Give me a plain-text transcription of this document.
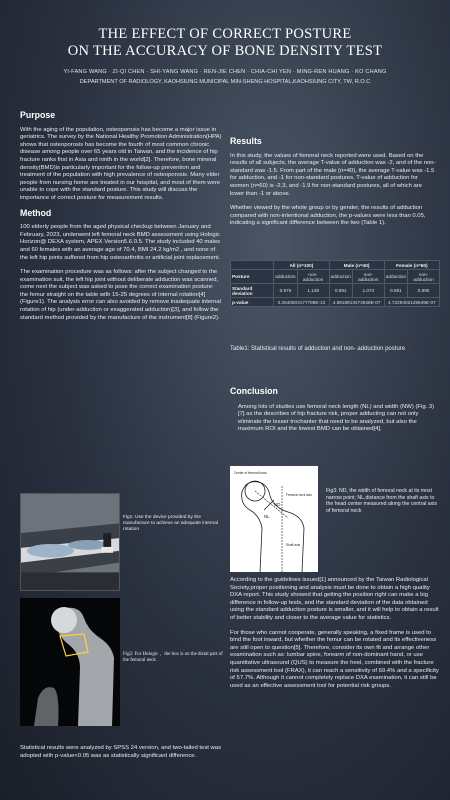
THE EFFECT OF CORRECT POSTURE
ON THE ACCURACY OF BONE DENSITY TEST
YI-FANG WANG · ZI-QI CHEN · SHI-YANG WANG · REN-JIE CHEN · CHIA-CHI YEN · MING-REN HUANG · KO CHANG
DEPARTMENT OF RADIOLOGY, KAOHSIUNG MUNICIPAL MIN-SHENG HOSPITAL,KAOHSIUNG CITY, TW, R.O.C
Purpose

With the aging of the population, osteoporosis has become a major issue in geriatrics. The survey by the National Healthy Promotion Administration(HPA) shows that osteoporosis has become the fourth of most common chronic disease among people over 65 years old in Taiwan, and the incidence of hip fracture ranks first in Asia and ninth in the world[2]. Therefore, bone mineral density(BMD)is particularly important for the follow-up prevention and treatment of the population with high prevalence of osteoporosis. Many elder people from nursing home are treated in our hospital, and most of them were unable to cope with the standard posture. This study will discuss the importance of correct posture for measurement results.

Method

100 elderly people from the aged physical checkup between January and February, 2023, underwent left femoral neck BMD assessment using Hologic Horizon@ DEXA system, APEX Version5.6.0.5. The study included 40 males and 60 females with an average age of 70.4, BMI 24.2 kg/m2 , and none of the left hip joints suffered from hip osteoarthritis or artificial joint replacement.

The examination procedure was as follows: after the subject changed to the examination suit, the left hip joint without deliberate adduction was scanned, come next the subject was asked to pose the correct examination posture: the femur straight on the table with 15-25 degrees of internal rotation[4] (Figure1). The analysis error can also avoided by remove inadequate internal rotation of hip (under-adduction or exaggerated adduction)[3], and follow the standard method provided by the manufacture of the instrument[8] (Figure2).

Fig1: Use the device provided by the manufacture to achieve an adequate internal rotation
Fig2: For Hologic ，the box is on the distal part of the femoral neck
Statistical results were analyzed by SPSS 24 version, and two-tailed test was adopted with p-value<0.05 was as statistically significant difference.
Results

In this study, the values of femoral neck reported were used. Based on the results of all subjects, the average T-value of adduction was -2, and of the non-standard was -1.5. From part of the male (n=40), the average T-value was -1.5 for adduction, and -1 for non-standard postures. T-value of adduction for women (n=60) is -2.3, and -1.9 for non-standard postures, all of which are lower than -1 or above.

Whether viewed by the whole group or by gender, the results of adduction compared with non-intentional adduction, the p-values were less than 0.05, indicating a significant difference between the two (Table 1).

	All (n=100)		Male (n=40)		Female (n=60)	
Posture	adduction	non-adduction	adduction	non-adduction	adduction	non-adduction
Standard deviation	0.976	1.128	0.891	1.074	0.851	0.890
p-value	3.2540503177788E-13		4.8818813473948E-07		4.7229402129649E-07	
Table1: Statistical results of adduction and non- adduction posture
Conclusion

Among lots of studies use femoral neck length (NL) and width (NW) (Fig. 3) [7] as the describes of hip fracture risk, proper adducting can not only eliminate the lesser trochanter that need to be analyzed, but also the maximum ROI and the lowest BMD can be obtained[4].

NL
ND
Femoral neck axis
Shaft axis
Center of femoral head
Fig3: ND, the width of femoral neck at its most narrow point; NL,distance from the shaft axis to the head center measured along the central axis of femoral neck

According to the guidelines issued[1] announced by the Taiwan Radiological Society,proper positioning and analysis must be done to obtain a high quality DXA report. This study showed that getting the position right can make a big difference in follow-up tests, and the standard deviation of the data obtained using the standard adduction posture is smaller, and it will help to obtain a result of better stability and closer to the average value for statistics.

For those who cannot cooperate, generally speaking, a fixed frame is used to bind the foot inward, but whether the femur can be rotated and its effectiveness are still open to question[5]. Therefore, consider its own fit and arrange other examination such as: lumbar spine, forearm of non-dominant hand, or use quantitative ultrasound (QUS) to measure the heel, combined with the fracture risk assessment tool (FRAX), it can reach a sensitivity of 69.4% and a specificity of 57.7%. Although it cannot completely replace DXA examination, it can still be used as an effective assessment tool for potential risk groups.
